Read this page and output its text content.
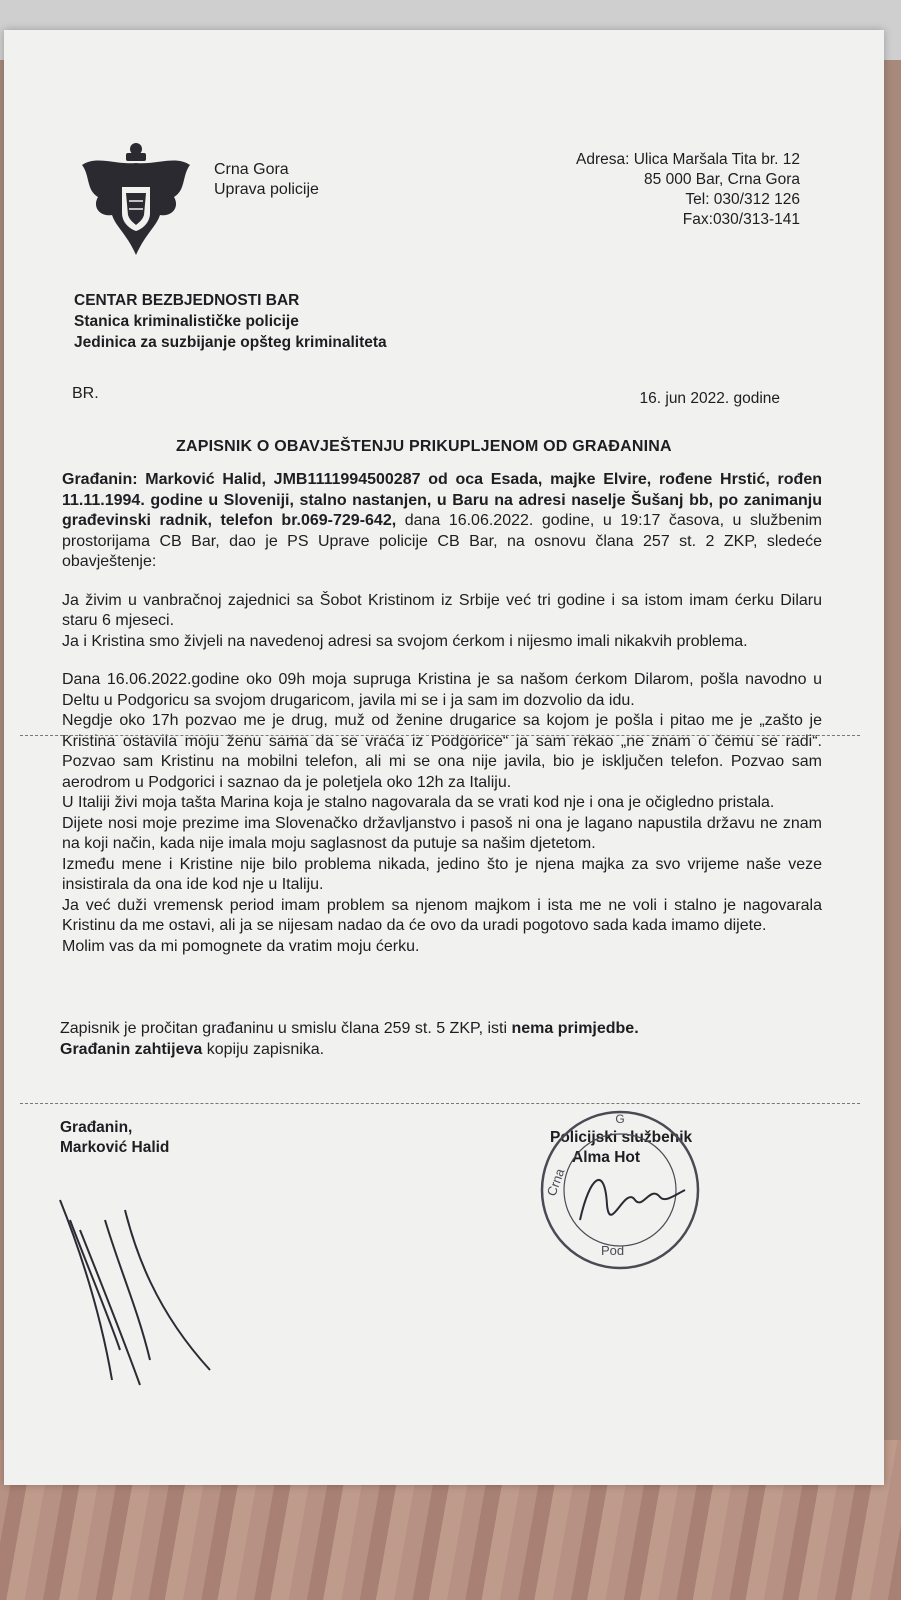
Crna Gora
Uprava policije
Adresa: Ulica Maršala Tita br. 12
85 000 Bar, Crna Gora
Tel: 030/312 126
Fax:030/313-141
CENTAR BEZBJEDNOSTI BAR
Stanica kriminalističke policije
Jedinica za suzbijanje opšteg kriminaliteta
BR.	16. jun 2022. godine
ZAPISNIK O OBAVJEŠTENJU PRIKUPLJENOM OD GRAĐANINA

Građanin: Marković Halid, JMB1111994500287 od oca Esada, majke Elvire, rođene Hrstić, rođen 11.11.1994. godine u Sloveniji, stalno nastanjen, u Baru na adresi naselje Šušanj bb, po zanimanju građevinski radnik, telefon br.069-729-642, dana 16.06.2022. godine, u 19:17 časova, u službenim prostorijama CB Bar, dao je PS Uprave policije CB Bar, na osnovu člana 257 st. 2 ZKP, sledeće obavještenje:

Ja živim u vanbračnoj zajednici sa Šobot Kristinom iz Srbije već tri godine i sa istom imam ćerku Dilaru staru 6 mjeseci.

Ja i Kristina smo živjeli na navedenoj adresi sa svojom ćerkom i nijesmo imali nikakvih problema.

Dana 16.06.2022.godine oko 09h moja supruga Kristina je sa našom ćerkom Dilarom, pošla navodno u Deltu u Podgoricu sa svojom drugaricom, javila mi se i ja sam im dozvolio da idu.

Negdje oko 17h pozvao me je drug, muž od ženine drugarice sa kojom je pošla i pitao me je „zašto je Kristina ostavila moju ženu sama da se vraća iz Podgorice“ ja sam rekao „ne znam o čemu se radi“. Pozvao sam Kristinu na mobilni telefon, ali mi se ona nije javila, bio je isključen telefon. Pozvao sam aerodrom u Podgorici i saznao da je poletjela oko 12h za Italiju.

U Italiji živi moja tašta Marina koja je stalno nagovarala da se vrati kod nje i ona je očigledno pristala.

Dijete nosi moje prezime ima Slovenačko državljanstvo i pasoš ni ona je lagano napustila državu ne znam na koji način, kada nije imala moju saglasnost da putuje sa našim djetetom.

Između mene i Kristine nije bilo problema nikada, jedino što je njena majka za svo vrijeme naše veze insistirala da ona ide kod nje u Italiju.

Ja već duži vremensk period imam problem sa njenom majkom i ista me ne voli i stalno je nagovarala Kristinu da me ostavi, ali ja se nijesam nadao da će ovo da uradi pogotovo sada kada imamo dijete.

Molim vas da mi pomognete da vratim moju ćerku.

Zapisnik je pročitan građaninu u smislu člana 259 st. 5 ZKP, isti nema primjedbe.
Građanin zahtijeva kopiju zapisnika.
Građanin,
Marković Halid
Policijski službenik
Alma Hot
G
Crna
Pod
